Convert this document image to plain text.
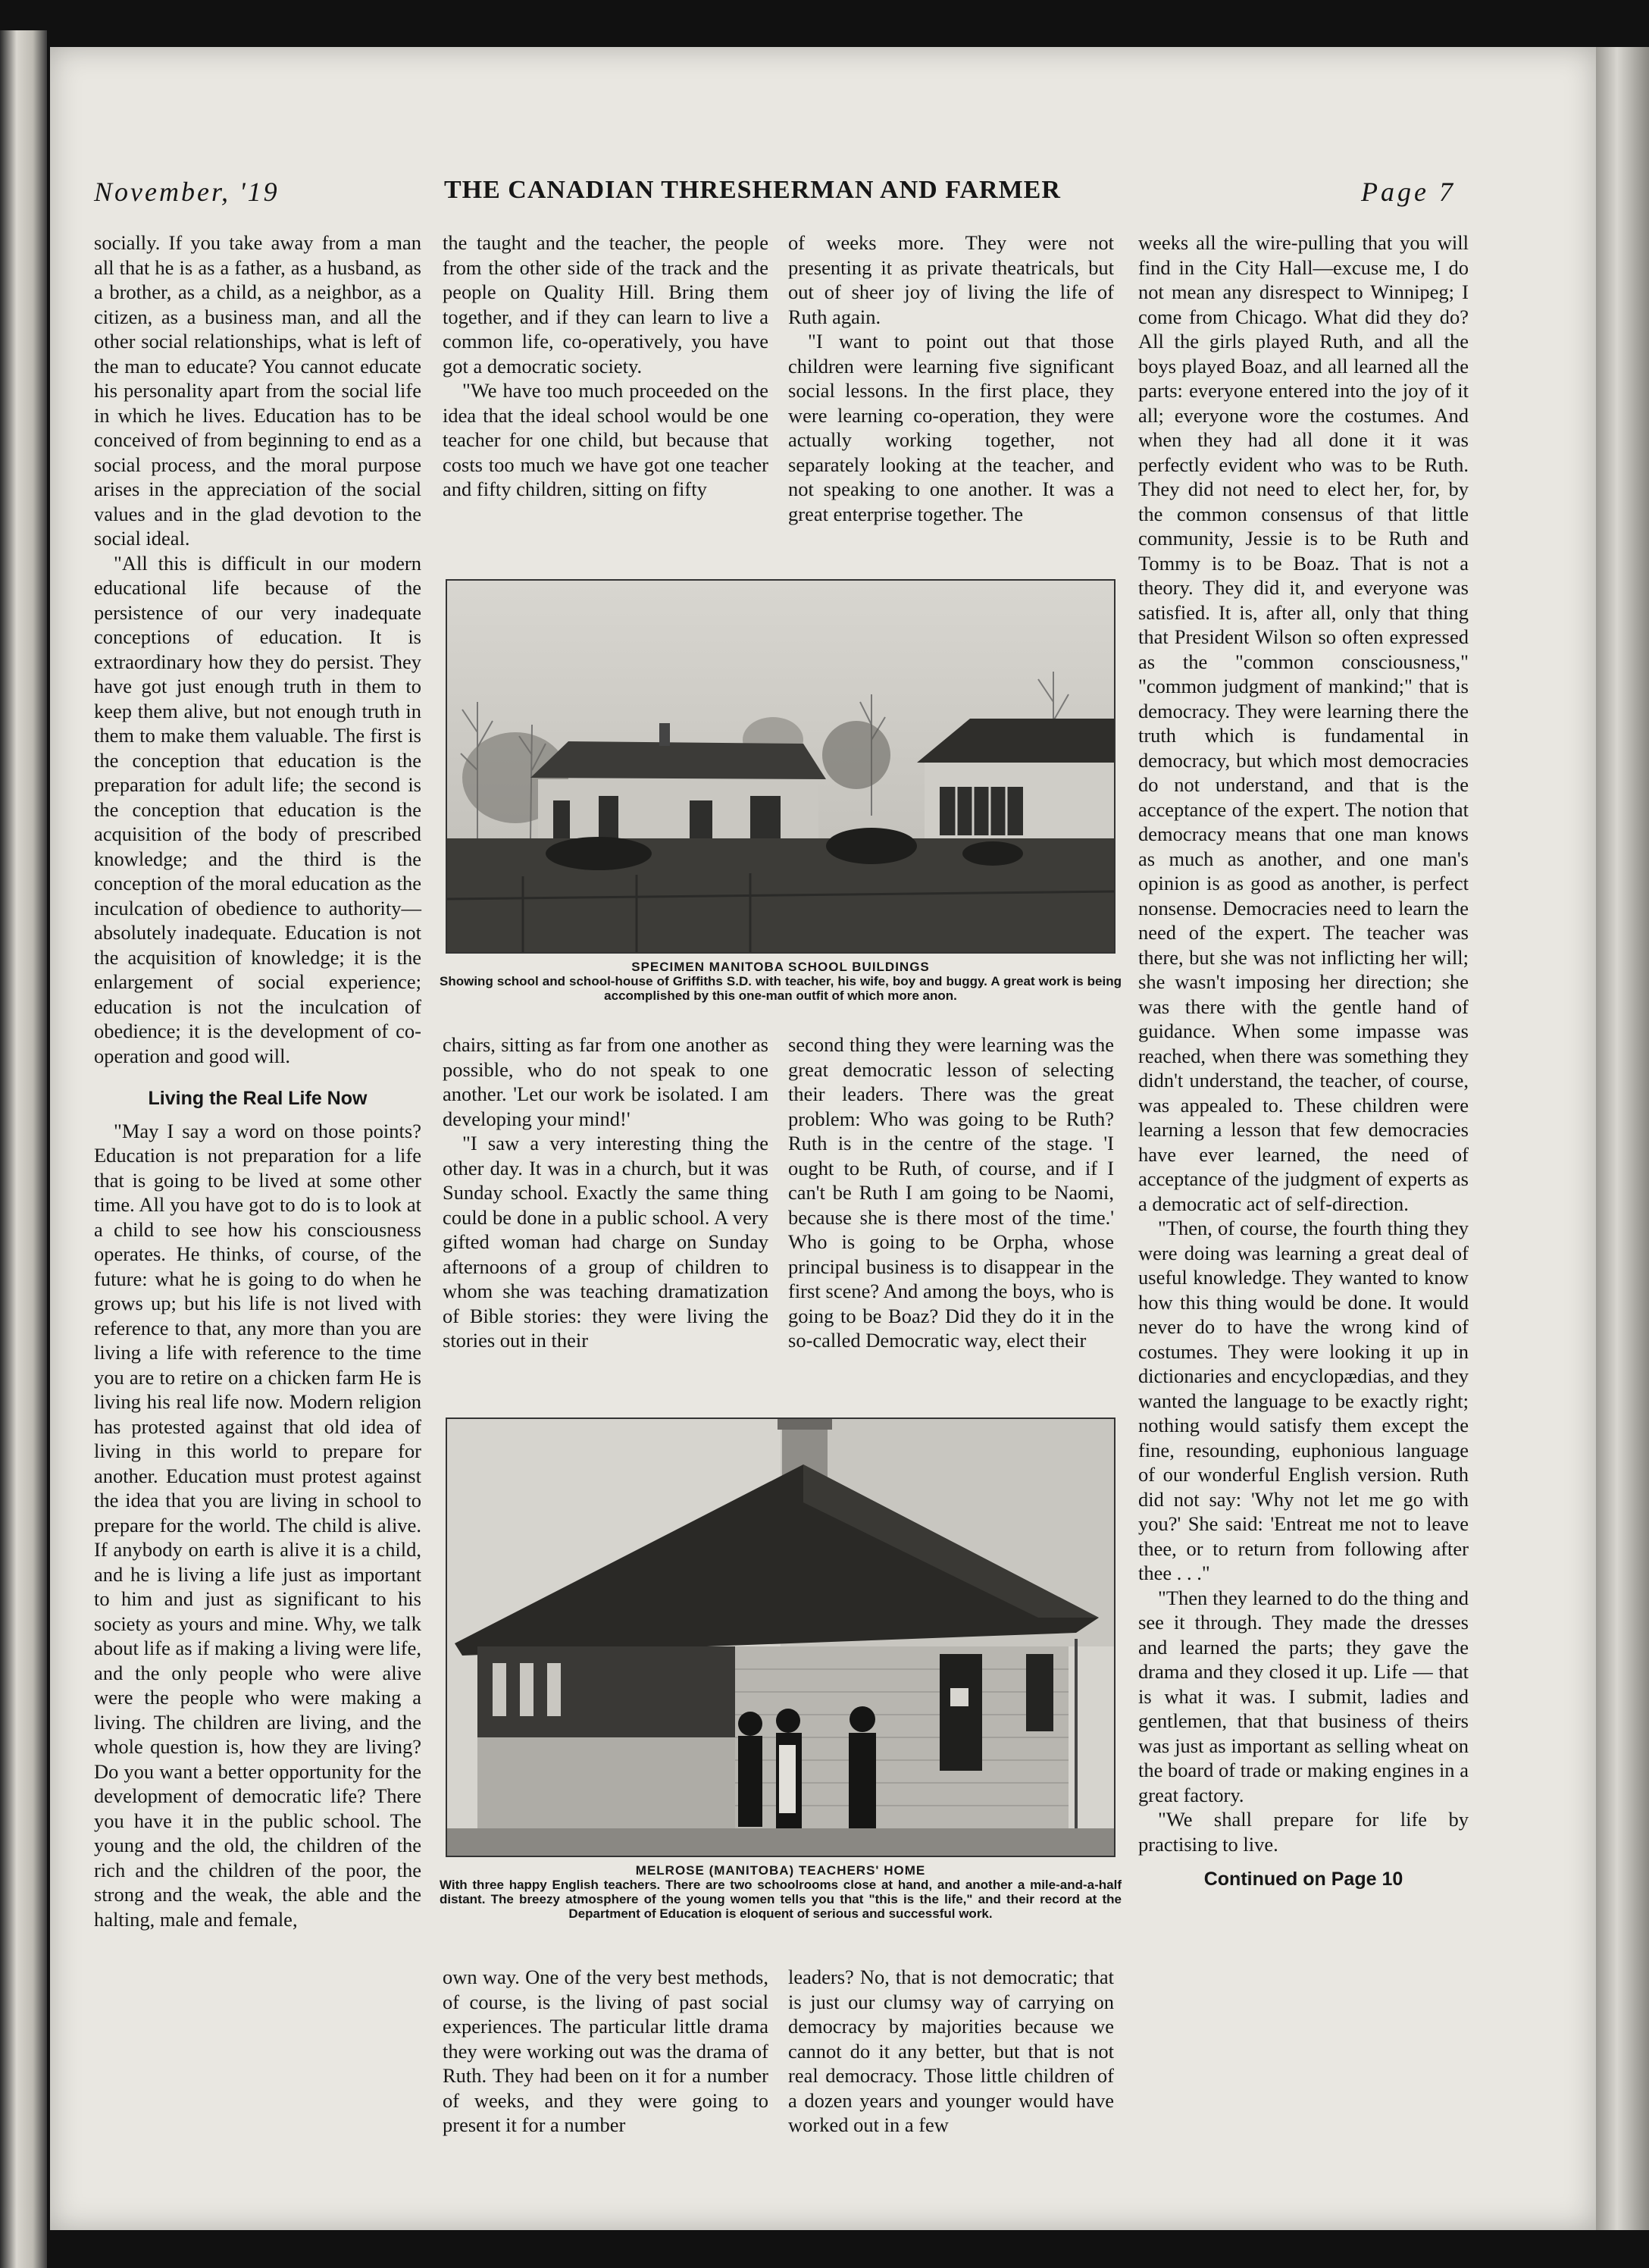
November, '19	THE CANADIAN THRESHERMAN AND FARMER	Page 7

socially. If you take away from a man all that he is as a father, as a husband, as a brother, as a child, as a neighbor, as a citizen, as a business man, and all the other social relationships, what is left of the man to educate? You cannot educate his personality apart from the social life in which he lives. Education has to be conceived of from beginning to end as a social process, and the moral purpose arises in the appreciation of the social values and in the glad devotion to the social ideal.

"All this is difficult in our modern educational life because of the persistence of our very inadequate conceptions of education. It is extraordinary how they do persist. They have got just enough truth in them to keep them alive, but not enough truth in them to make them valuable. The first is the conception that education is the preparation for adult life; the second is the conception that education is the acquisition of the body of prescribed knowledge; and the third is the conception of the moral education as the inculcation of obedience to authority—absolutely inadequate. Education is not the acquisition of knowledge; it is the enlargement of social experience; education is not the inculcation of obedience; it is the development of co-operation and good will.

Living the Real Life Now

"May I say a word on those points? Education is not preparation for a life that is going to be lived at some other time. All you have got to do is to look at a child to see how his consciousness operates. He thinks, of course, of the future: what he is going to do when he grows up; but his life is not lived with reference to that, any more than you are living a life with reference to the time you are to retire on a chicken farm He is living his real life now. Modern religion has protested against that old idea of living in this world to prepare for another. Education must protest against the idea that you are living in school to prepare for the world. The child is alive. If anybody on earth is alive it is a child, and he is living a life just as important to him and just as significant to his society as yours and mine. Why, we talk about life as if making a living were life, and the only people who were alive were the people who were making a living. The children are living, and the whole question is, how they are living? Do you want a better opportunity for the development of democratic life? There you have it in the public school. The young and the old, the children of the rich and the children of the poor, the strong and the weak, the able and the halting, male and female,

the taught and the teacher, the people from the other side of the track and the people on Quality Hill. Bring them together, and if they can learn to live a common life, co-operatively, you have got a democratic society.

"We have too much proceeded on the idea that the ideal school would be one teacher for one child, but because that costs too much we have got one teacher and fifty children, sitting on fifty

of weeks more. They were not presenting it as private theatricals, but out of sheer joy of living the life of Ruth again.

"I want to point out that those children were learning five significant social lessons. In the first place, they were learning co-operation, they were actually working together, not separately looking at the teacher, and not speaking to one another. It was a great enterprise together. The

SPECIMEN MANITOBA SCHOOL BUILDINGS
Showing school and school-house of Griffiths S.D. with teacher, his wife, boy and buggy. A great work is being accomplished by this one-man outfit of which more anon.

chairs, sitting as far from one another as possible, who do not speak to one another. 'Let our work be isolated. I am developing your mind!'

"I saw a very interesting thing the other day. It was in a church, but it was Sunday school. Exactly the same thing could be done in a public school. A very gifted woman had charge on Sunday afternoons of a group of children to whom she was teaching dramatization of Bible stories: they were living the stories out in their

second thing they were learning was the great democratic lesson of selecting their leaders. There was the great problem: Who was going to be Ruth? Ruth is in the centre of the stage. 'I ought to be Ruth, of course, and if I can't be Ruth I am going to be Naomi, because she is there most of the time.' Who is going to be Orpha, whose principal business is to disappear in the first scene? And among the boys, who is going to be Boaz? Did they do it in the so-called Democratic way, elect their

MELROSE (MANITOBA) TEACHERS' HOME
With three happy English teachers. There are two schoolrooms close at hand, and another a mile-and-a-half distant. The breezy atmosphere of the young women tells you that "this is the life," and their record at the Department of Education is eloquent of serious and successful work.

own way. One of the very best methods, of course, is the living of past social experiences. The particular little drama they were working out was the drama of Ruth. They had been on it for a number of weeks, and they were going to present it for a number

leaders? No, that is not democratic; that is just our clumsy way of carrying on democracy by majorities because we cannot do it any better, but that is not real democracy. Those little children of a dozen years and younger would have worked out in a few

weeks all the wire-pulling that you will find in the City Hall—excuse me, I do not mean any disrespect to Winnipeg; I come from Chicago. What did they do? All the girls played Ruth, and all the boys played Boaz, and all learned all the parts: everyone entered into the joy of it all; everyone wore the costumes. And when they had all done it it was perfectly evident who was to be Ruth. They did not need to elect her, for, by the common consensus of that little community, Jessie is to be Ruth and Tommy is to be Boaz. That is not a theory. They did it, and everyone was satisfied. It is, after all, only that thing that President Wilson so often expressed as the "common consciousness," "common judgment of mankind;" that is democracy. They were learning there the truth which is fundamental in democracy, but which most democracies do not understand, and that is the acceptance of the expert. The notion that democracy means that one man knows as much as another, and one man's opinion is as good as another, is perfect nonsense. Democracies need to learn the need of the expert. The teacher was there, but she was not inflicting her will; she wasn't imposing her direction; she was there with the gentle hand of guidance. When some impasse was reached, when there was something they didn't understand, the teacher, of course, was appealed to. These children were learning a lesson that few democracies have ever learned, the need of acceptance of the judgment of experts as a democratic act of self-direction.

"Then, of course, the fourth thing they were doing was learning a great deal of useful knowledge. They wanted to know how this thing would be done. It would never do to have the wrong kind of costumes. They were looking it up in dictionaries and encyclopædias, and they wanted the language to be exactly right; nothing would satisfy them except the fine, resounding, euphonious language of our wonderful English version. Ruth did not say: 'Why not let me go with you?' She said: 'Entreat me not to leave thee, or to return from following after thee . . ."

"Then they learned to do the thing and see it through. They made the dresses and learned the parts; they gave the drama and they closed it up. Life — that is what it was. I submit, ladies and gentlemen, that that business of theirs was just as important as selling wheat on the board of trade or making engines in a great factory.

"We shall prepare for life by practising to live.

Continued on Page 10
